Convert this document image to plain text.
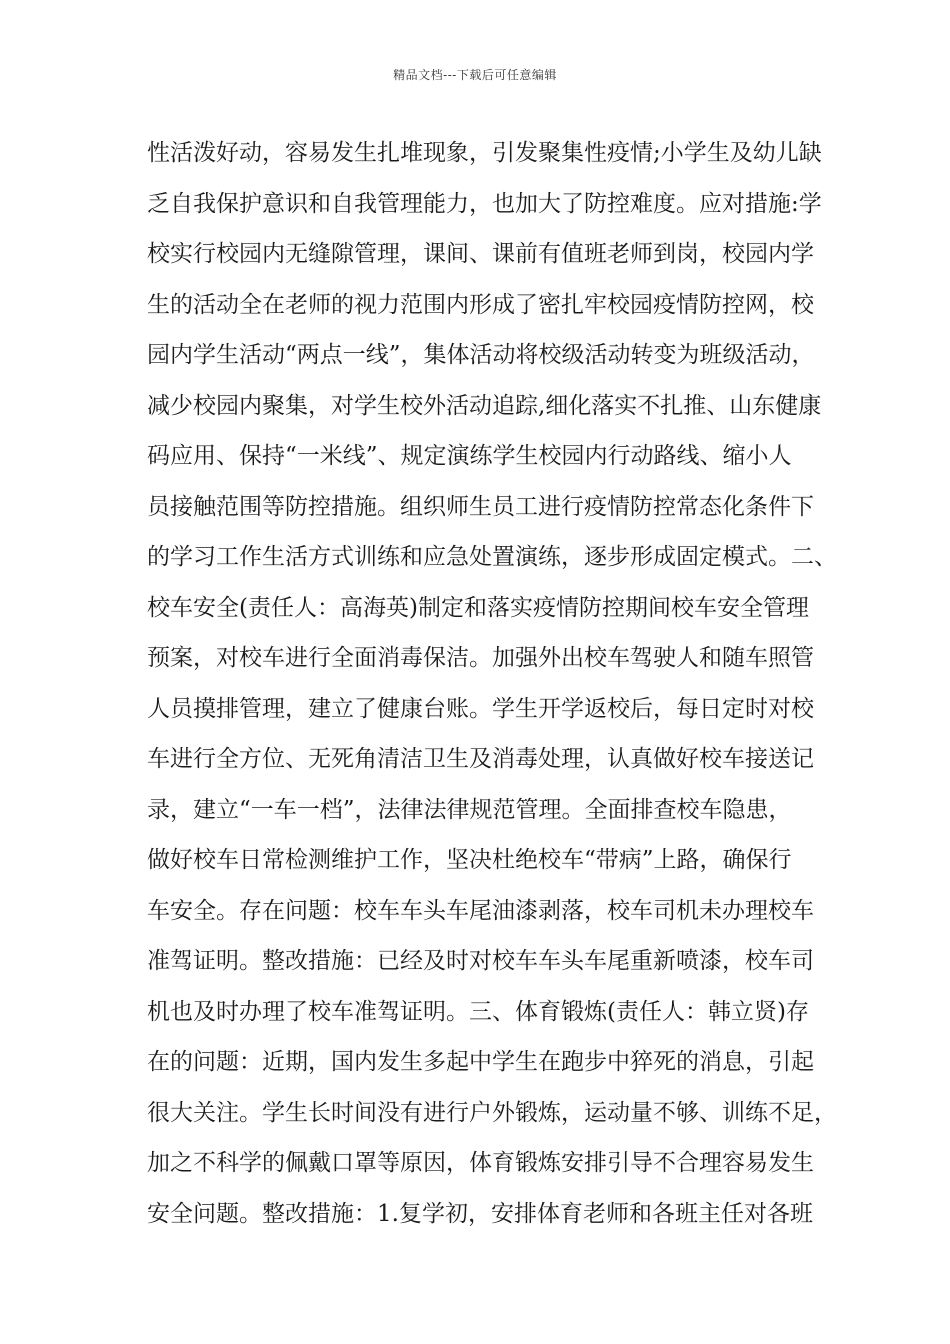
精品文档---下载后可任意编辑
性活泼好动，容易发生扎堆现象，引发聚集性疫情;小学生及幼儿缺
乏自我保护意识和自我管理能力，也加大了防控难度。应对措施:学
校实行校园内无缝隙管理，课间、课前有值班老师到岗，校园内学
生的活动全在老师的视力范围内形成了密扎牢校园疫情防控网，校
园内学生活动“两点一线”，集体活动将校级活动转变为班级活动，
减少校园内聚集，对学生校外活动追踪,细化落实不扎推、山东健康
码应用、保持“一米线”、规定演练学生校园内行动路线、缩小人
员接触范围等防控措施。组织师生员工进行疫情防控常态化条件下
的学习工作生活方式训练和应急处置演练，逐步形成固定模式。二、
校车安全(责任人：高海英)制定和落实疫情防控期间校车安全管理
预案，对校车进行全面消毒保洁。加强外出校车驾驶人和随车照管
人员摸排管理，建立了健康台账。学生开学返校后，每日定时对校
车进行全方位、无死角清洁卫生及消毒处理，认真做好校车接送记
录，建立“一车一档”，法律法律规范管理。全面排查校车隐患，
做好校车日常检测维护工作，坚决杜绝校车“带病”上路，确保行
车安全。存在问题：校车车头车尾油漆剥落，校车司机未办理校车
准驾证明。整改措施：已经及时对校车车头车尾重新喷漆，校车司
机也及时办理了校车准驾证明。三、体育锻炼(责任人：韩立贤)存
在的问题：近期，国内发生多起中学生在跑步中猝死的消息，引起
很大关注。学生长时间没有进行户外锻炼，运动量不够、训练不足，
加之不科学的佩戴口罩等原因，体育锻炼安排引导不合理容易发生
安全问题。整改措施：1.复学初，安排体育老师和各班主任对各班
